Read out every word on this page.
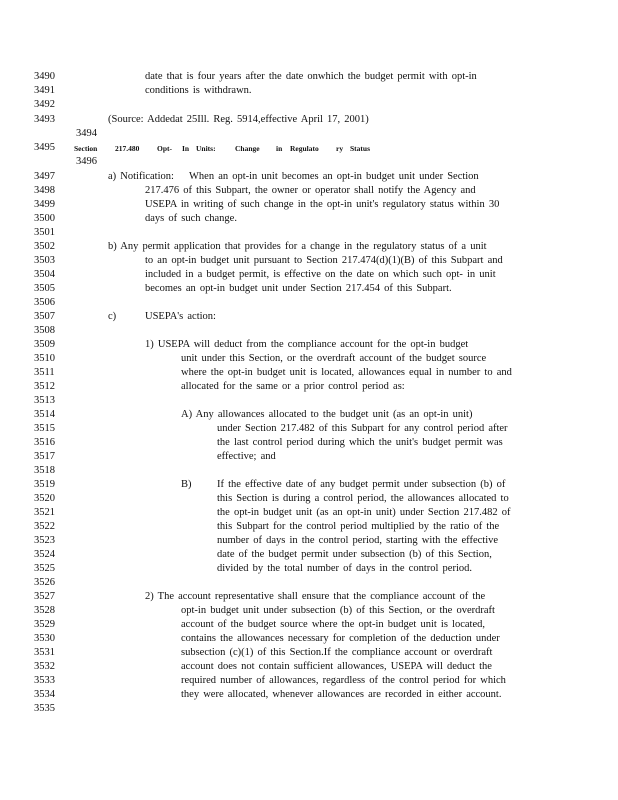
3490
3491
3492
3493
3494
3495
3496
3497
3498
3499
3500
3501
3502
3503
3504
3505
3506
3507
3508
3509
3510
3511
3512
3513
3514
3515
3516
3517
3518
3519
3520
3521
3522
3523
3524
3525
3526
3527
3528
3529
3530
3531
3532
3533
3534
3535
date that is four years after the date onwhich the budget permit with opt-in
conditions is withdrawn.
(Source: Addedat 25Ill. Reg. 5914,effective April 17, 2001)
Section 217.480 Opt- In Units:	Change in Regulato ry Status
a) Notification: When an opt-in unit becomes an opt-in budget unit under Section
217.476 of this Subpart, the owner or operator shall notify the Agency and
USEPA in writing of such change in the opt-in unit's regulatory status within 30
days of such change.
b) Any permit application that provides for a change in the regulatory status of a unit
to an opt-in budget unit pursuant to Section 217.474(d)(1)(B) of this Subpart and
included in a budget permit, is effective on the date on which such opt- in unit
becomes an opt-in budget unit under Section 217.454 of this Subpart.
c)	USEPA's action:
1) USEPA will deduct from the compliance account for the opt-in budget
unit under this Section, or the overdraft account of the budget source
where the opt-in budget unit is located, allowances equal in number to and
allocated for the same or a prior control period as:
A) Any allowances allocated to the budget unit (as an opt-in unit)
under Section 217.482 of this Subpart for any control period after
the last control period during which the unit's budget permit was
effective; and
B) If the effective date of any budget permit under subsection (b) of
this Section is during a control period, the allowances allocated to
the opt-in budget unit (as an opt-in unit) under Section 217.482 of
this Subpart for the control period multiplied by the ratio of the
number of days in the control period, starting with the effective
date of the budget permit under subsection (b) of this Section,
divided by the total number of days in the control period.
2) The account representative shall ensure that the compliance account of the
opt-in budget unit under subsection (b) of this Section, or the overdraft
account of the budget source where the opt-in budget unit is located,
contains the allowances necessary for completion of the deduction under
subsection (c)(1) of this Section.If the compliance account or overdraft
account does not contain sufficient allowances, USEPA will deduct the
required number of allowances, regardless of the control period for which
they were allocated, whenever allowances are recorded in either account.
